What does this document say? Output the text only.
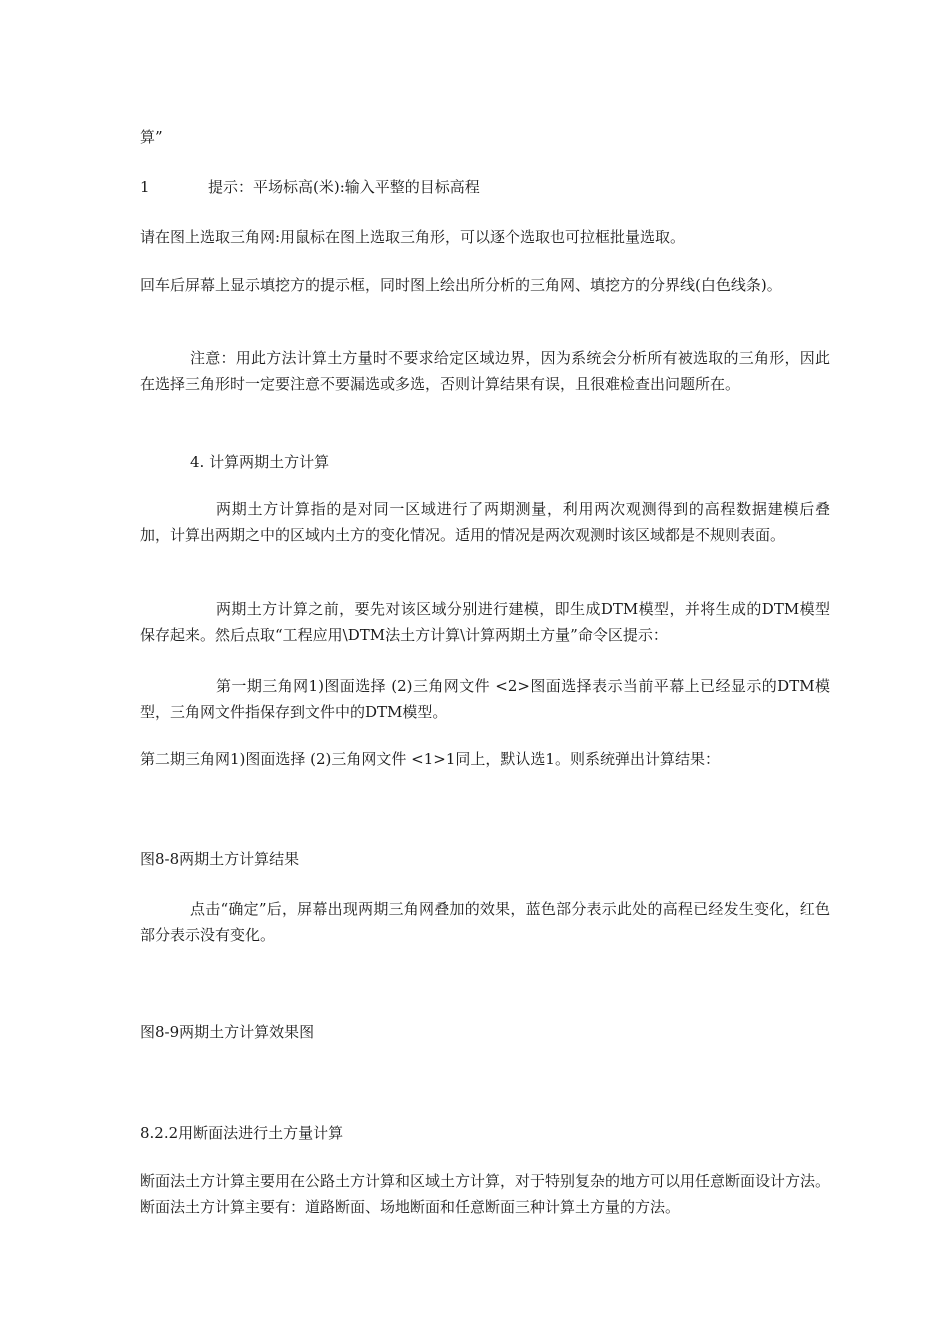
算”

1	提示：平场标高(米):输入平整的目标高程

请在图上选取三角网:用鼠标在图上选取三角形，可以逐个选取也可拉框批量选取。

回车后屏幕上显示填挖方的提示框，同时图上绘出所分析的三角网、填挖方的分界线(白色线条)。

注意：用此方法计算土方量时不要求给定区域边界，因为系统会分析所有被选取的三角形，因此在选择三角形时一定要注意不要漏选或多选，否则计算结果有误，且很难检查出问题所在。

4. 计算两期土方计算

两期土方计算指的是对同一区域进行了两期测量，利用两次观测得到的高程数据建模后叠加，计算出两期之中的区域内土方的变化情况。适用的情况是两次观测时该区域都是不规则表面。

两期土方计算之前，要先对该区域分别进行建模，即生成DTM模型，并将生成的DTM模型保存起来。然后点取“工程应用\DTM法土方计算\计算两期土方量”命令区提示：

第一期三角网1)图面选择 (2)三角网文件 <2>图面选择表示当前平幕上已经显示的DTM模型，三角网文件指保存到文件中的DTM模型。

第二期三角网1)图面选择 (2)三角网文件 <1>1同上，默认选1。则系统弹出计算结果：

图8-8两期土方计算结果

点击“确定”后，屏幕出现两期三角网叠加的效果，蓝色部分表示此处的高程已经发生变化，红色部分表示没有变化。

图8-9两期土方计算效果图

8.2.2用断面法进行土方量计算

断面法土方计算主要用在公路土方计算和区域土方计算，对于特别复杂的地方可以用任意断面设计方法。断面法土方计算主要有：道路断面、场地断面和任意断面三种计算土方量的方法。
